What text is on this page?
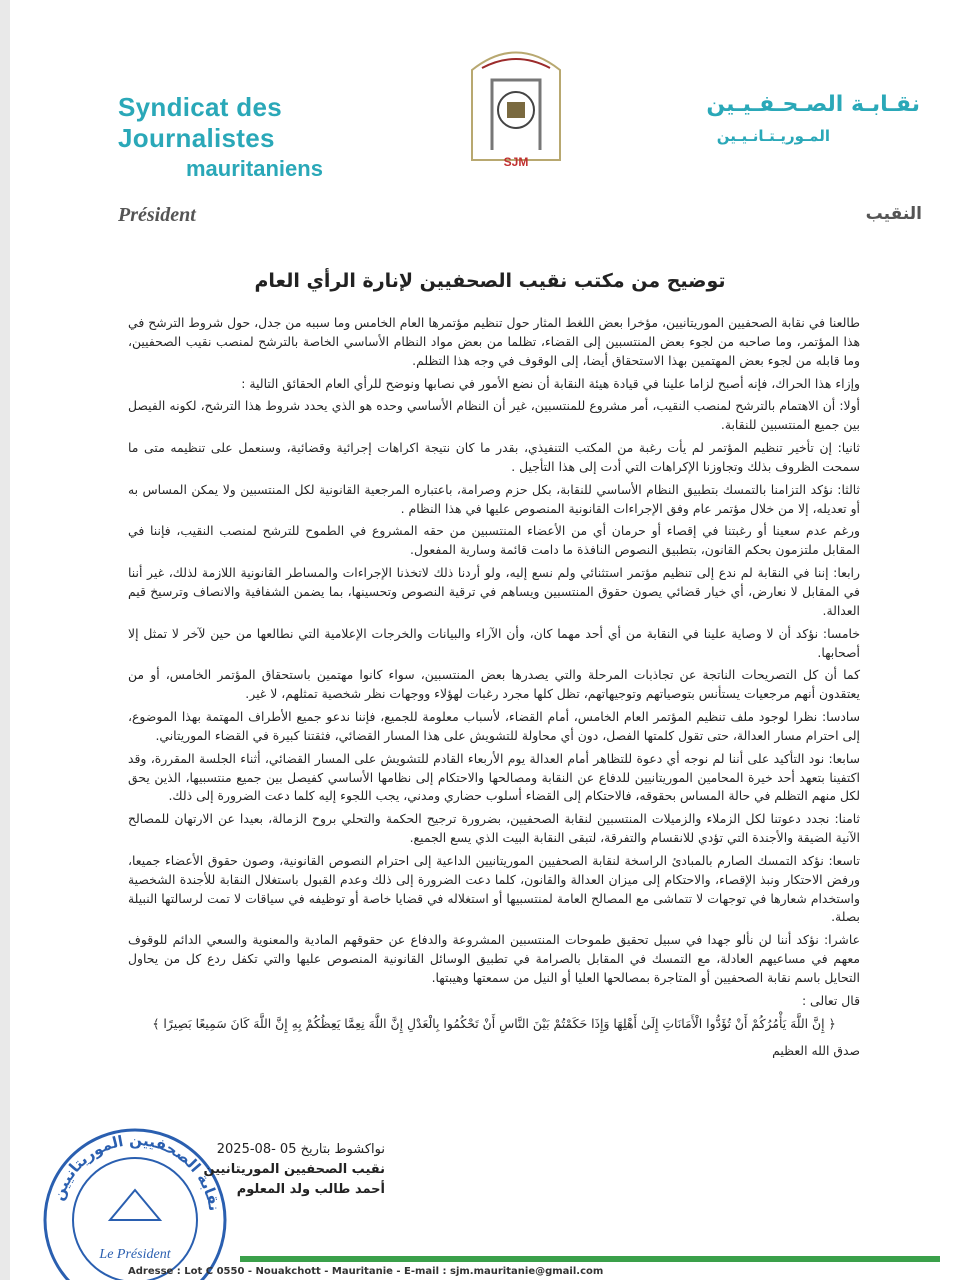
Syndicat des Journalistes
mauritaniens	SJM
نقـابـة الصـحـفـيـين
المـوريـتـانـيـين
Président	النقيب
توضيح من مكتب نقيب الصحفيين لإنارة الرأي العام

طالعنا في نقابة الصحفيين الموريتانيين، مؤخرا بعض اللغط المثار حول تنظيم مؤتمرها العام الخامس وما سببه من جدل، حول شروط الترشح في هذا المؤتمر، وما صاحبه من لجوء بعض المنتسبين إلى القضاء، تظلما من بعض مواد النظام الأساسي الخاصة بالترشح لمنصب نقيب الصحفيين، وما قابله من لجوء بعض المهتمين بهذا الاستحقاق أيضا، إلى الوقوف في وجه هذا التظلم.

وإزاء هذا الحراك، فإنه أصبح لزاما علينا في قيادة هيئة النقابة أن نضع الأمور في نصابها ونوضح للرأي العام الحقائق التالية :

أولا: أن الاهتمام بالترشح لمنصب النقيب، أمر مشروع للمنتسبين، غير أن النظام الأساسي وحده هو الذي يحدد شروط هذا الترشح، لكونه الفيصل بين جميع المنتسبين للنقابة.

ثانيا: إن تأخير تنظيم المؤتمر لم يأت رغبة من المكتب التنفيذي، بقدر ما كان نتيجة اكراهات إجرائية وقضائية، وسنعمل على تنظيمه متى ما سمحت الظروف بذلك وتجاوزنا الإكراهات التي أدت إلى هذا التأجيل .

ثالثا: نؤكد التزامنا بالتمسك بتطبيق النظام الأساسي للنقابة، بكل حزم وصرامة، باعتباره المرجعية القانونية لكل المنتسبين ولا يمكن المساس به أو تعديله، إلا من خلال مؤتمر عام وفق الإجراءات القانونية المنصوص عليها في هذا النظام .

ورغم عدم سعينا أو رغبتنا في إقصاء أو حرمان أي من الأعضاء المنتسبين من حقه المشروع في الطموح للترشح لمنصب النقيب، فإننا في المقابل ملتزمون بحكم القانون، بتطبيق النصوص النافذة ما دامت قائمة وسارية المفعول.

رابعا: إننا في النقابة لم ندع إلى تنظيم مؤتمر استثنائي ولم نسع إليه، ولو أردنا ذلك لاتخذنا الإجراءات والمساطر القانونية اللازمة لذلك، غير أننا في المقابل لا نعارض، أي خيار قضائي يصون حقوق المنتسبين ويساهم في ترقية النصوص وتحسينها، بما يضمن الشفافية والانصاف وترسيخ قيم العدالة.

خامسا: نؤكد أن لا وصاية علينا في النقابة من أي أحد مهما كان، وأن الآراء والبيانات والخرجات الإعلامية التي نطالعها من حين لآخر لا تمثل إلا أصحابها.

كما أن كل التصريحات الناتجة عن تجاذبات المرحلة والتي يصدرها بعض المنتسبين، سواء كانوا مهتمين باستحقاق المؤتمر الخامس، أو من يعتقدون أنهم مرجعيات يستأنس بتوصياتهم وتوجيهاتهم، تظل كلها مجرد رغبات لهؤلاء ووجهات نظر شخصية تمثلهم، لا غير.

سادسا: نظرا لوجود ملف تنظيم المؤتمر العام الخامس، أمام القضاء، لأسباب معلومة للجميع، فإننا ندعو جميع الأطراف المهتمة بهذا الموضوع، إلى احترام مسار العدالة، حتى تقول كلمتها الفصل، دون أي محاولة للتشويش على هذا المسار القضائي، فثقتنا كبيرة في القضاء الموريتاني.

سابعا: نود التأكيد على أننا لم نوجه أي دعوة للتظاهر أمام العدالة يوم الأربعاء القادم للتشويش على المسار القضائي، أثناء الجلسة المقررة، وقد اكتفينا بتعهد أحد خيرة المحامين الموريتانيين للدفاع عن النقابة ومصالحها والاحتكام إلى نظامها الأساسي كفيصل بين جميع منتسبيها، الذين يحق لكل منهم التظلم في حالة المساس بحقوقه، فالاحتكام إلى القضاء أسلوب حضاري ومدني، يجب اللجوء إليه كلما دعت الضرورة إلى ذلك.

ثامنا: نجدد دعوتنا لكل الزملاء والزميلات المنتسبين لنقابة الصحفيين، بضرورة ترجيح الحكمة والتحلي بروح الزمالة، بعيدا عن الارتهان للمصالح الآنية الضيقة والأجندة التي تؤدي للانقسام والتفرقة، لتبقى النقابة البيت الذي يسع الجميع.

تاسعا: نؤكد التمسك الصارم بالمبادئ الراسخة لنقابة الصحفيين الموريتانيين الداعية إلى احترام النصوص القانونية، وصون حقوق الأعضاء جميعا، ورفض الاحتكار ونبذ الإقصاء، والاحتكام إلى ميزان العدالة والقانون، كلما دعت الضرورة إلى ذلك وعدم القبول باستغلال النقابة للأجندة الشخصية واستخدام شعارها في توجهات لا تتماشى مع المصالح العامة لمنتسبيها أو استغلاله في قضايا خاصة أو توظيفه في سياقات لا تمت لرسالتها النبيلة بصلة.

عاشرا: نؤكد أننا لن نألو جهدا في سبيل تحقيق طموحات المنتسبين المشروعة والدفاع عن حقوقهم المادية والمعنوية والسعي الدائم للوقوف معهم في مساعيهم العادلة، مع التمسك في المقابل بالصرامة في تطبيق الوسائل القانونية المنصوص عليها والتي تكفل ردع كل من يحاول التحايل باسم نقابة الصحفيين أو المتاجرة بمصالحها العليا أو النيل من سمعتها وهيبتها.

قال تعالى :

﴿ إِنَّ اللَّهَ يَأْمُرُكُمْ أَنْ تُؤَدُّوا الْأَمَانَاتِ إِلَىٰ أَهْلِهَا وَإِذَا حَكَمْتُمْ بَيْنَ النَّاسِ أَنْ تَحْكُمُوا بِالْعَدْلِ إِنَّ اللَّهَ نِعِمَّا يَعِظُكُمْ بِهِ إِنَّ اللَّهَ كَانَ سَمِيعًا بَصِيرًا ﴾

صدق الله العظيم

نقابة الصحفيين الموريتانيين
Le Président
نواكشوط بتاريخ 05 -08-2025
نقيب الصحفيين الموريتانيين
أحمد طالب ولد المعلوم
Adresse : Lot C 0550 - Nouakchott - Mauritanie - E-mail : sjm.mauritanie@gmail.com
